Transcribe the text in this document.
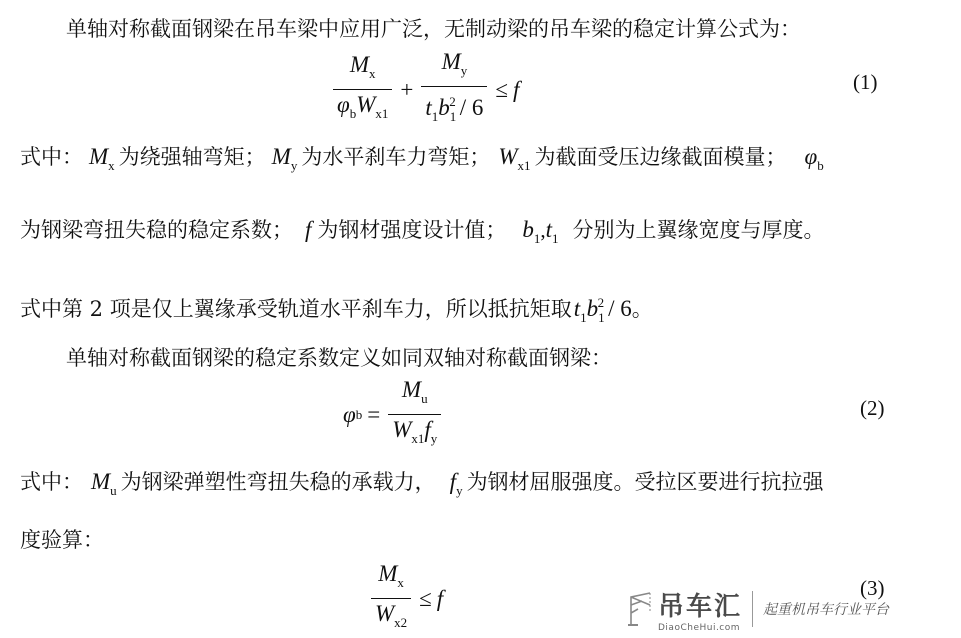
单轴对称截面钢梁在吊车梁中应用广泛，无制动梁的吊车梁的稳定计算公式为：
$\frac{M_x}{\varphi_bW_{x1}} + \frac{M_y}{t_1b_1^2 / 6} \le f$	(1)
式中： $M_x$ 为绕强轴弯矩； $M_y$ 为水平刹车力弯矩； $W_{x1}$ 为截面受压边缘截面模量； $\varphi_b$
为钢梁弯扭失稳的稳定系数； f 为钢材强度设计值； $b_1,t_1$ 分别为上翼缘宽度与厚度。
式中第 2 项是仅上翼缘承受轨道水平刹车力，所以抵抗矩取$t_1b_1^2 / 6$。
单轴对称截面钢梁的稳定系数定义如同双轴对称截面钢梁：
φ $b = \frac{M_u}{W_{x1}f_y}$	(2)
式中： $M_u$ 为钢梁弹塑性弯扭失稳的承载力， $f_y$ 为钢材屈服强度。受拉区要进行抗拉强
度验算：
$\frac{M_x}{W_{x2}} \le f$	(3)
吊车汇
DiaoCheHui.com
起重机吊车行业平台
